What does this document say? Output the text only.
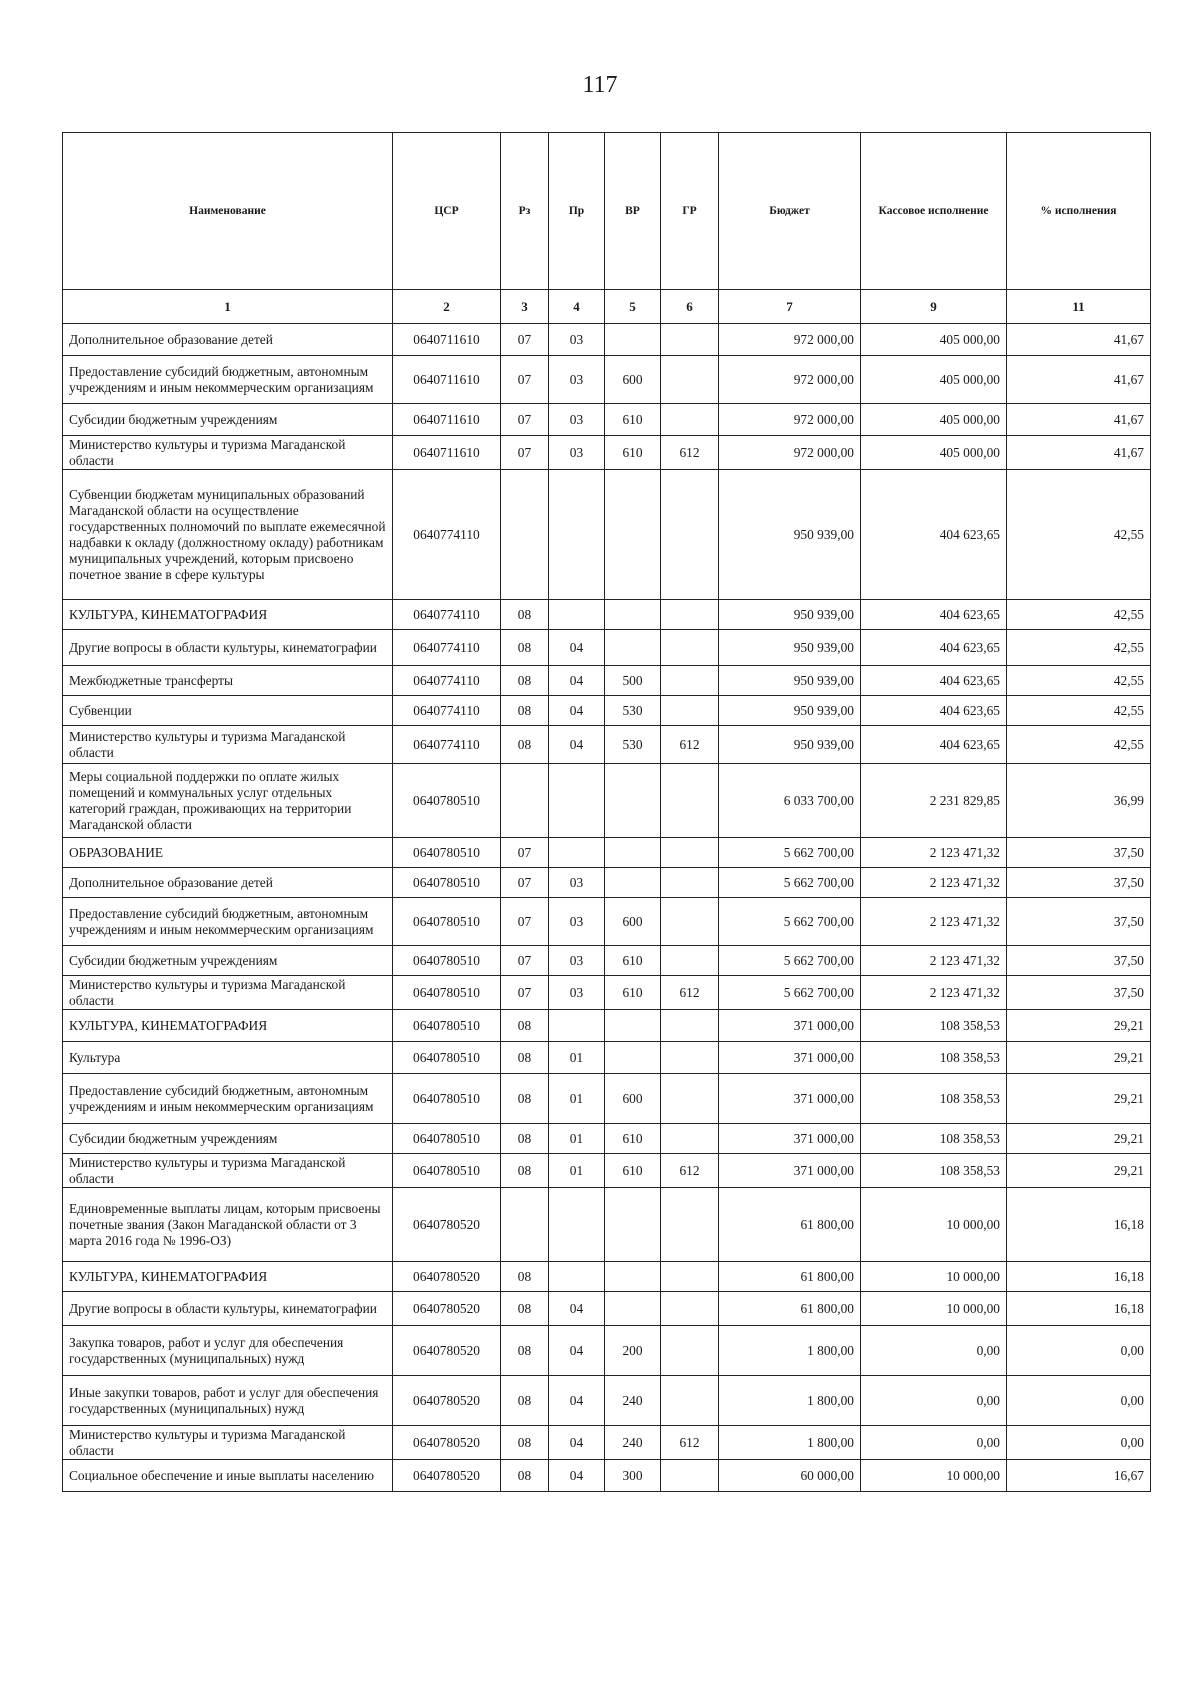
117
Наименование	ЦСР	Рз	Пр	ВР	ГР	Бюджет	Кассовое исполнение	% исполнения
1	2	3	4	5	6	7	9	11
Дополнительное образование детей	0640711610	07	03			972 000,00	405 000,00	41,67
Предоставление субсидий бюджетным, автономным учреждениям и иным некоммерческим организациям	0640711610	07	03	600		972 000,00	405 000,00	41,67
Субсидии бюджетным учреждениям	0640711610	07	03	610		972 000,00	405 000,00	41,67
Министерство культуры и туризма Магаданской области	0640711610	07	03	610	612	972 000,00	405 000,00	41,67
Субвенции бюджетам муниципальных образований Магаданской области на осуществление государственных полномочий по выплате ежемесячной надбавки к окладу (должностному окладу) работникам муниципальных учреждений, которым присвоено почетное звание в сфере культуры	0640774110					950 939,00	404 623,65	42,55
КУЛЬТУРА, КИНЕМАТОГРАФИЯ	0640774110	08				950 939,00	404 623,65	42,55
Другие вопросы в области культуры, кинематографии	0640774110	08	04			950 939,00	404 623,65	42,55
Межбюджетные трансферты	0640774110	08	04	500		950 939,00	404 623,65	42,55
Субвенции	0640774110	08	04	530		950 939,00	404 623,65	42,55
Министерство культуры и туризма Магаданской области	0640774110	08	04	530	612	950 939,00	404 623,65	42,55
Меры социальной поддержки по оплате жилых помещений и коммунальных услуг отдельных категорий граждан, проживающих на территории Магаданской области	0640780510					6 033 700,00	2 231 829,85	36,99
ОБРАЗОВАНИЕ	0640780510	07				5 662 700,00	2 123 471,32	37,50
Дополнительное образование детей	0640780510	07	03			5 662 700,00	2 123 471,32	37,50
Предоставление субсидий бюджетным, автономным учреждениям и иным некоммерческим организациям	0640780510	07	03	600		5 662 700,00	2 123 471,32	37,50
Субсидии бюджетным учреждениям	0640780510	07	03	610		5 662 700,00	2 123 471,32	37,50
Министерство культуры и туризма Магаданской области	0640780510	07	03	610	612	5 662 700,00	2 123 471,32	37,50
КУЛЬТУРА, КИНЕМАТОГРАФИЯ	0640780510	08				371 000,00	108 358,53	29,21
Культура	0640780510	08	01			371 000,00	108 358,53	29,21
Предоставление субсидий бюджетным, автономным учреждениям и иным некоммерческим организациям	0640780510	08	01	600		371 000,00	108 358,53	29,21
Субсидии бюджетным учреждениям	0640780510	08	01	610		371 000,00	108 358,53	29,21
Министерство культуры и туризма Магаданской области	0640780510	08	01	610	612	371 000,00	108 358,53	29,21
Единовременные выплаты лицам, которым присвоены почетные звания (Закон Магаданской области от 3 марта 2016 года № 1996-ОЗ)	0640780520					61 800,00	10 000,00	16,18
КУЛЬТУРА, КИНЕМАТОГРАФИЯ	0640780520	08				61 800,00	10 000,00	16,18
Другие вопросы в области культуры, кинематографии	0640780520	08	04			61 800,00	10 000,00	16,18
Закупка товаров, работ и услуг для обеспечения государственных (муниципальных) нужд	0640780520	08	04	200		1 800,00	0,00	0,00
Иные закупки товаров, работ и услуг для обеспечения государственных (муниципальных) нужд	0640780520	08	04	240		1 800,00	0,00	0,00
Министерство культуры и туризма Магаданской области	0640780520	08	04	240	612	1 800,00	0,00	0,00
Социальное обеспечение и иные выплаты населению	0640780520	08	04	300		60 000,00	10 000,00	16,67
